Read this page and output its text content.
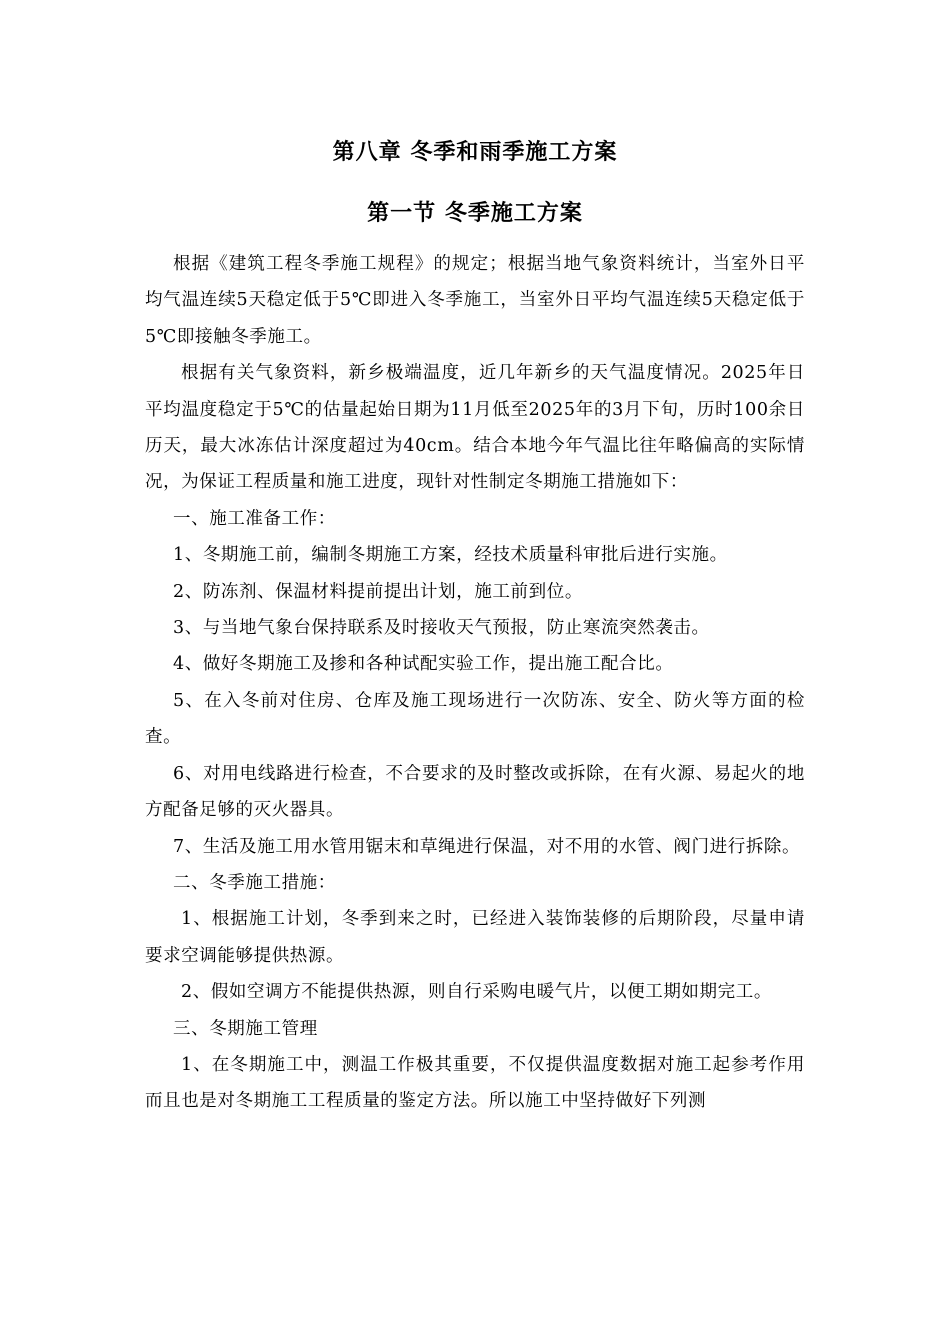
第八章 冬季和雨季施工方案
第一节 冬季施工方案

根据《建筑工程冬季施工规程》的规定；根据当地气象资料统计，当室外日平均气温连续5天稳定低于5℃即进入冬季施工，当室外日平均气温连续5天稳定低于5℃即接触冬季施工。

根据有关气象资料，新乡极端温度，近几年新乡的天气温度情况。2025年日平均温度稳定于5℃的估量起始日期为11月低至2025年的3月下旬，历时100余日历天，最大冰冻估计深度超过为40cm。结合本地今年气温比往年略偏高的实际情况，为保证工程质量和施工进度，现针对性制定冬期施工措施如下：

一、施工准备工作：

1、冬期施工前，编制冬期施工方案，经技术质量科审批后进行实施。

2、防冻剂、保温材料提前提出计划，施工前到位。

3、与当地气象台保持联系及时接收天气预报，防止寒流突然袭击。

4、做好冬期施工及掺和各种试配实验工作，提出施工配合比。

5、在入冬前对住房、仓库及施工现场进行一次防冻、安全、防火等方面的检查。

6、对用电线路进行检查，不合要求的及时整改或拆除，在有火源、易起火的地方配备足够的灭火器具。

7、生活及施工用水管用锯末和草绳进行保温，对不用的水管、阀门进行拆除。

二、冬季施工措施：

1、根据施工计划，冬季到来之时，已经进入装饰装修的后期阶段，尽量申请要求空调能够提供热源。

2、假如空调方不能提供热源，则自行采购电暖气片，以便工期如期完工。

三、冬期施工管理

1、在冬期施工中，测温工作极其重要，不仅提供温度数据对施工起参考作用而且也是对冬期施工工程质量的鉴定方法。所以施工中坚持做好下列测
